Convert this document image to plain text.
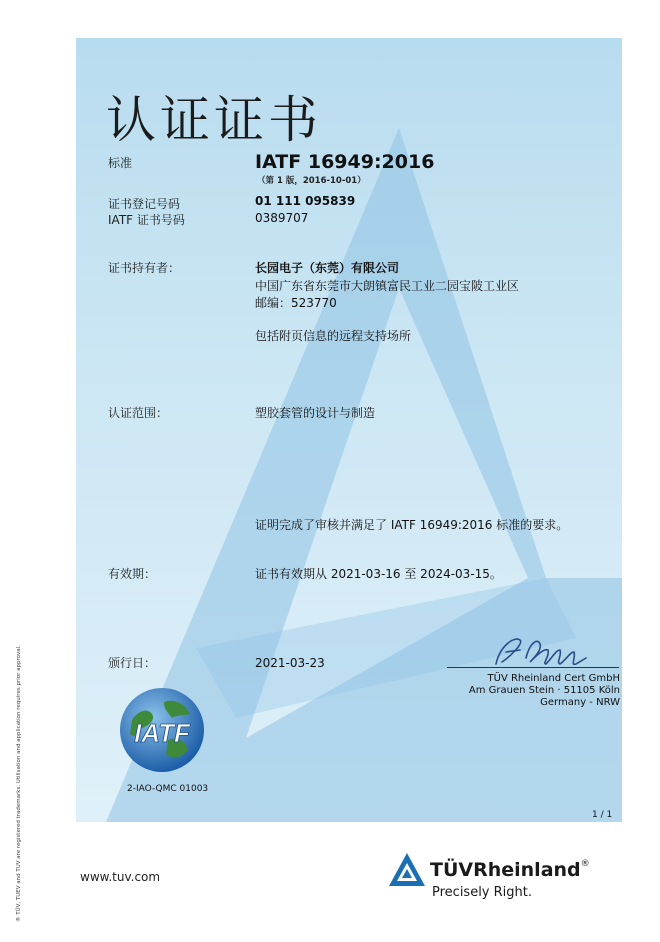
认证证书
标准	IATF 16949:2016
（第 1 版，2016-10-01）
证书登记号码	01 111 095839
IATF 证书号码	0389707
证书持有者：	长园电子（东莞）有限公司
中国广东省东莞市大朗镇富民工业二园宝陂工业区
邮编：523770
包括附页信息的远程支持场所
认证范围：	塑胶套管的设计与制造
证明完成了审核并满足了 IATF 16949:2016 标准的要求。
有效期：	证书有效期从 2021-03-16 至 2024-03-15。
颁行日：	2021-03-23
TÜV Rheinland Cert GmbH
Am Grauen Stein · 51105 Köln
Germany - NRW
IATF
2-IAO-QMC 01003
1 / 1
www.tuv.com	TÜVRheinland®
Precisely Right.
® TÜV, TUEV and TUV are registered trademarks. Utilisation and application requires prior approval.
